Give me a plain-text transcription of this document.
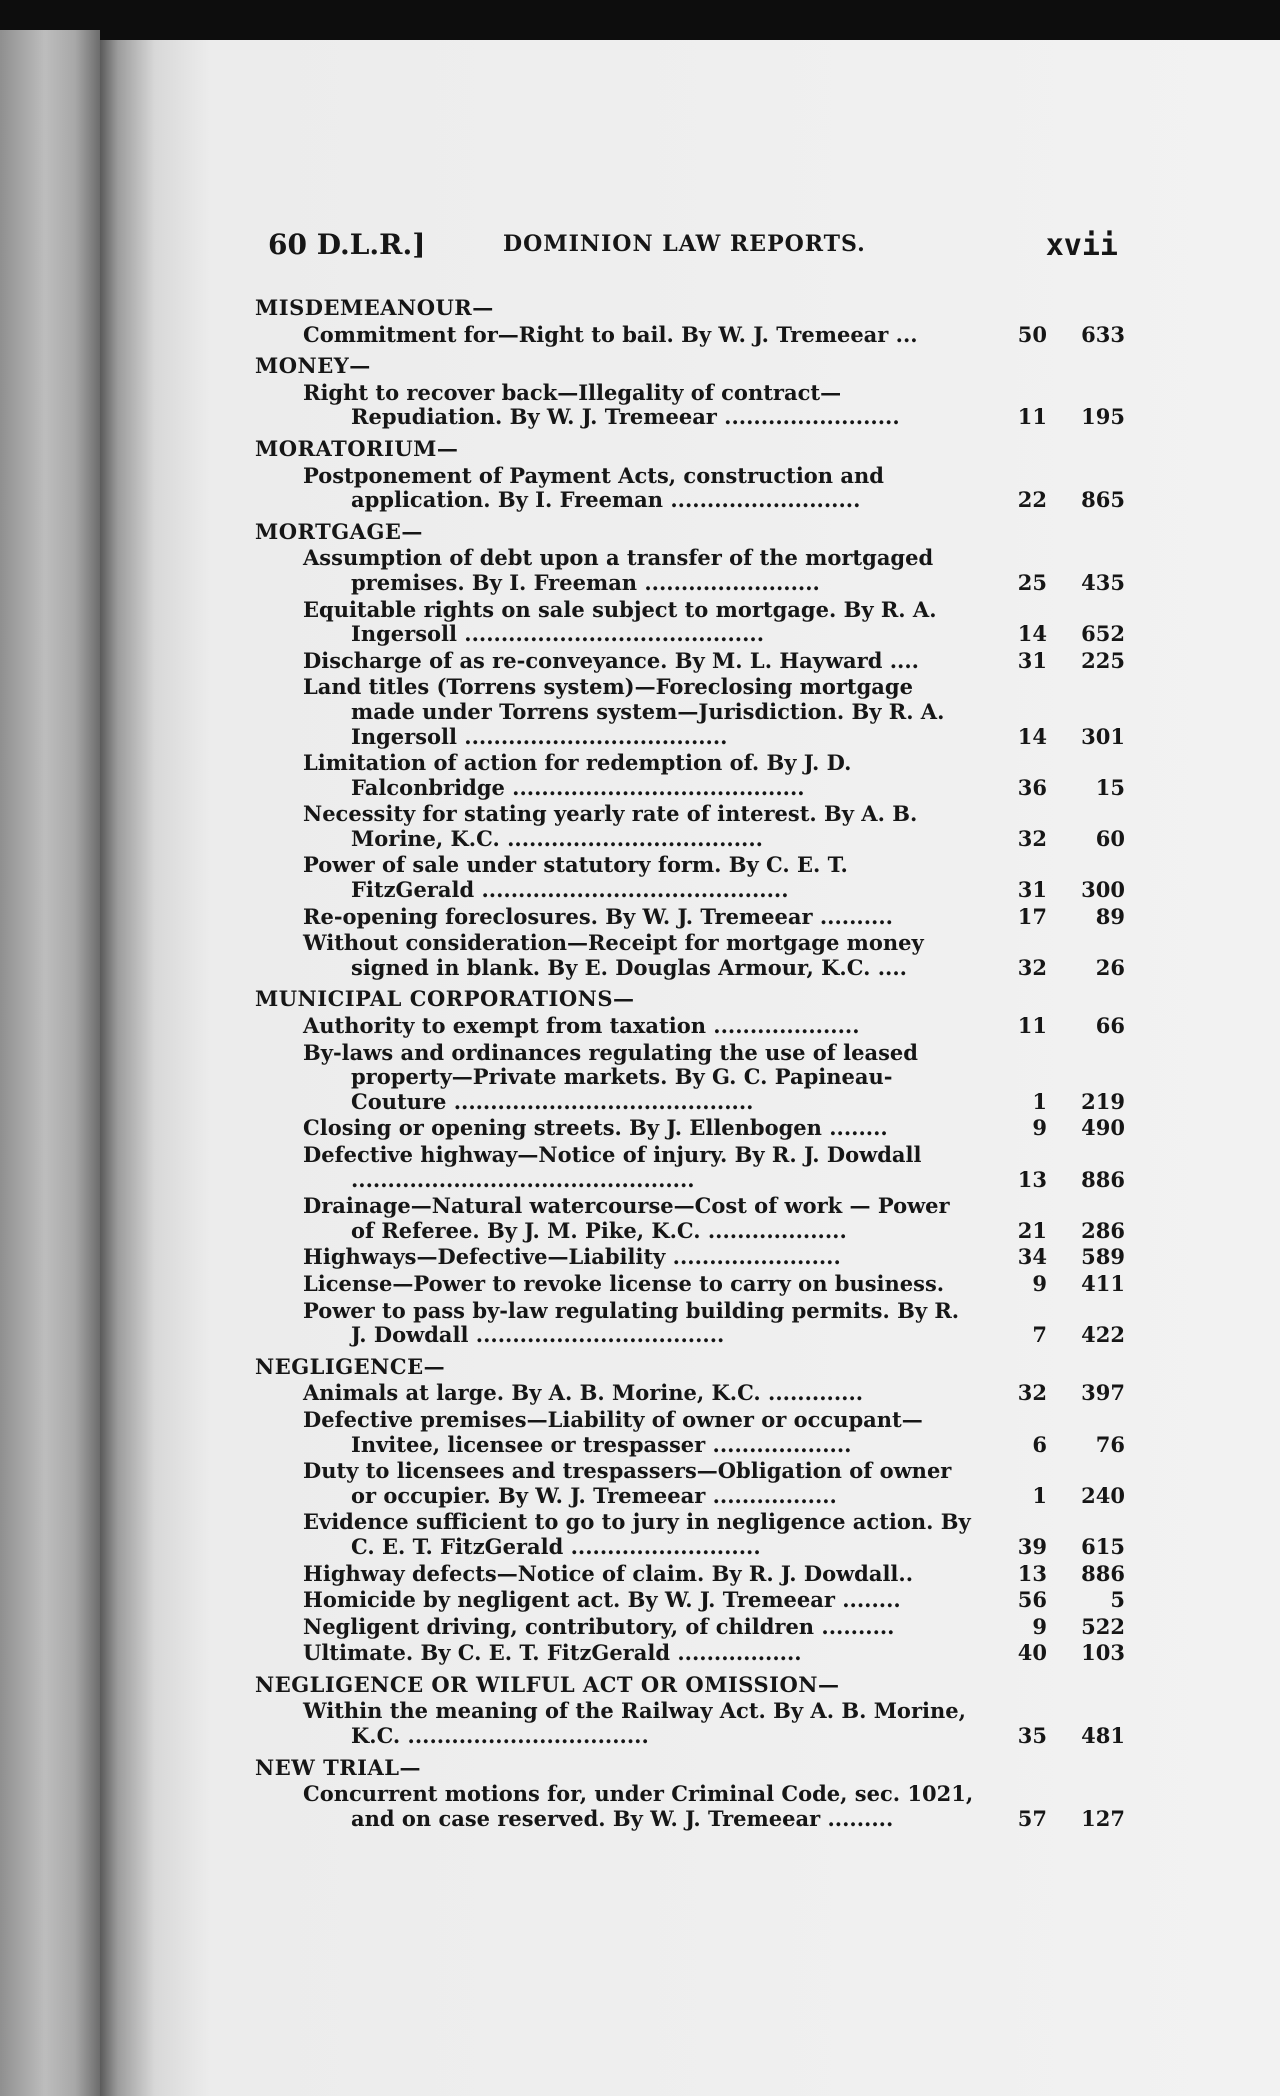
60 D.L.R.]	DOMINION LAW REPORTS.	xvii
MISDEMEANOUR—
Commitment for—Right to bail. By W. J. Tremeear ...	50	633
MONEY—
Right to recover back—Illegality of contract—Repudiation. By W. J. Tremeear ........................	11	195
MORATORIUM—
Postponement of Payment Acts, construction and application. By I. Freeman ..........................	22	865
MORTGAGE—
Assumption of debt upon a transfer of the mortgaged premises. By I. Freeman ........................	25	435
Equitable rights on sale subject to mortgage. By R. A. Ingersoll .........................................	14	652
Discharge of as re-conveyance. By M. L. Hayward ....	31	225
Land titles (Torrens system)—Foreclosing mortgage made under Torrens system—Jurisdiction. By R. A. Ingersoll ....................................	14	301
Limitation of action for redemption of. By J. D. Falconbridge ........................................	36	15
Necessity for stating yearly rate of interest. By A. B. Morine, K.C. ...................................	32	60
Power of sale under statutory form. By C. E. T. FitzGerald ..........................................	31	300
Re-opening foreclosures. By W. J. Tremeear ..........	17	89
Without consideration—Receipt for mortgage money signed in blank. By E. Douglas Armour, K.C. ....	32	26
MUNICIPAL CORPORATIONS—
Authority to exempt from taxation ....................	11	66
By-laws and ordinances regulating the use of leased property—Private markets. By G. C. Papineau-Couture .........................................	1	219
Closing or opening streets. By J. Ellenbogen ........	9	490
Defective highway—Notice of injury. By R. J. Dowdall ...............................................	13	886
Drainage—Natural watercourse—Cost of work — Power of Referee. By J. M. Pike, K.C. ...................	21	286
Highways—Defective—Liability .......................	34	589
License—Power to revoke license to carry on business.	9	411
Power to pass by-law regulating building permits. By R. J. Dowdall ..................................	7	422
NEGLIGENCE—
Animals at large. By A. B. Morine, K.C. .............	32	397
Defective premises—Liability of owner or occupant—Invitee, licensee or trespasser ...................	6	76
Duty to licensees and trespassers—Obligation of owner or occupier. By W. J. Tremeear .................	1	240
Evidence sufficient to go to jury in negligence action. By C. E. T. FitzGerald ..........................	39	615
Highway defects—Notice of claim. By R. J. Dowdall..	13	886
Homicide by negligent act. By W. J. Tremeear ........	56	5
Negligent driving, contributory, of children ..........	9	522
Ultimate. By C. E. T. FitzGerald .................	40	103
NEGLIGENCE OR WILFUL ACT OR OMISSION—
Within the meaning of the Railway Act. By A. B. Morine, K.C. .................................	35	481
NEW TRIAL—
Concurrent motions for, under Criminal Code, sec. 1021, and on case reserved. By W. J. Tremeear .........	57	127
